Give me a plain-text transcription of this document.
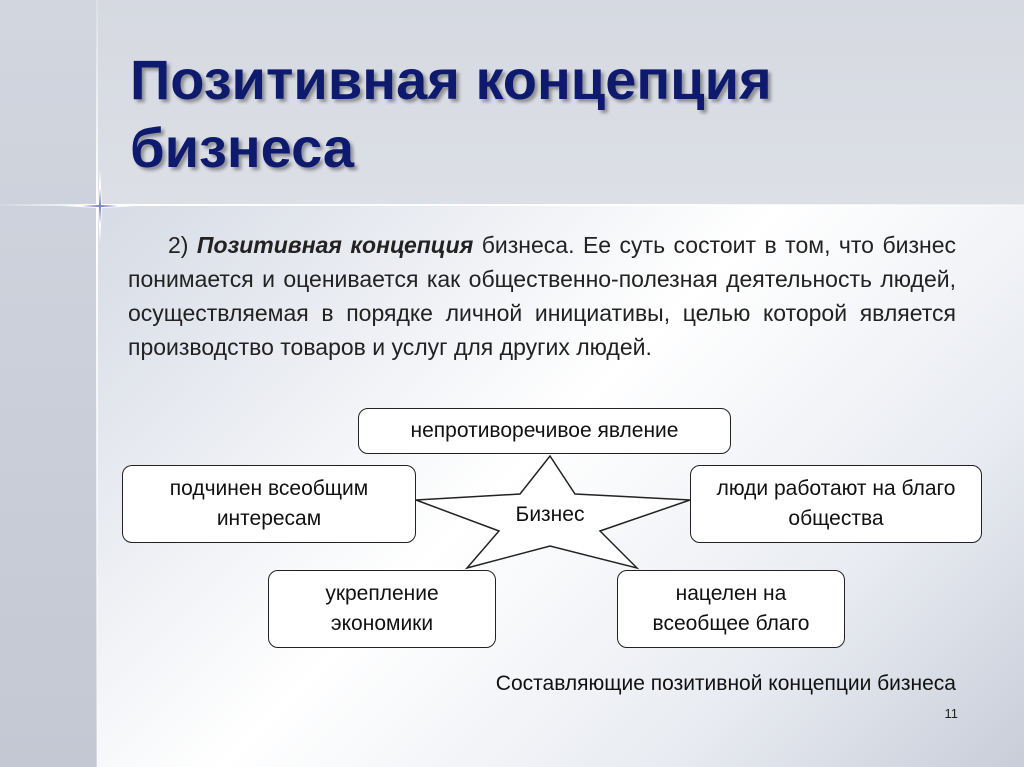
Позитивная концепция бизнеса

2) Позитивная концепция бизнеса. Ее суть состоит в том, что бизнес понимается и оценивается как общественно-полезная деятельность людей, осуществляемая в порядке личной инициативы, целью которой является производство товаров и услуг для других людей.

непротиворечивое явление
подчинен всеобщим интересам
люди работают на благо общества
укрепление экономики
нацелен на всеобщее благо
Бизнес
Составляющие позитивной концепции бизнеса
11
